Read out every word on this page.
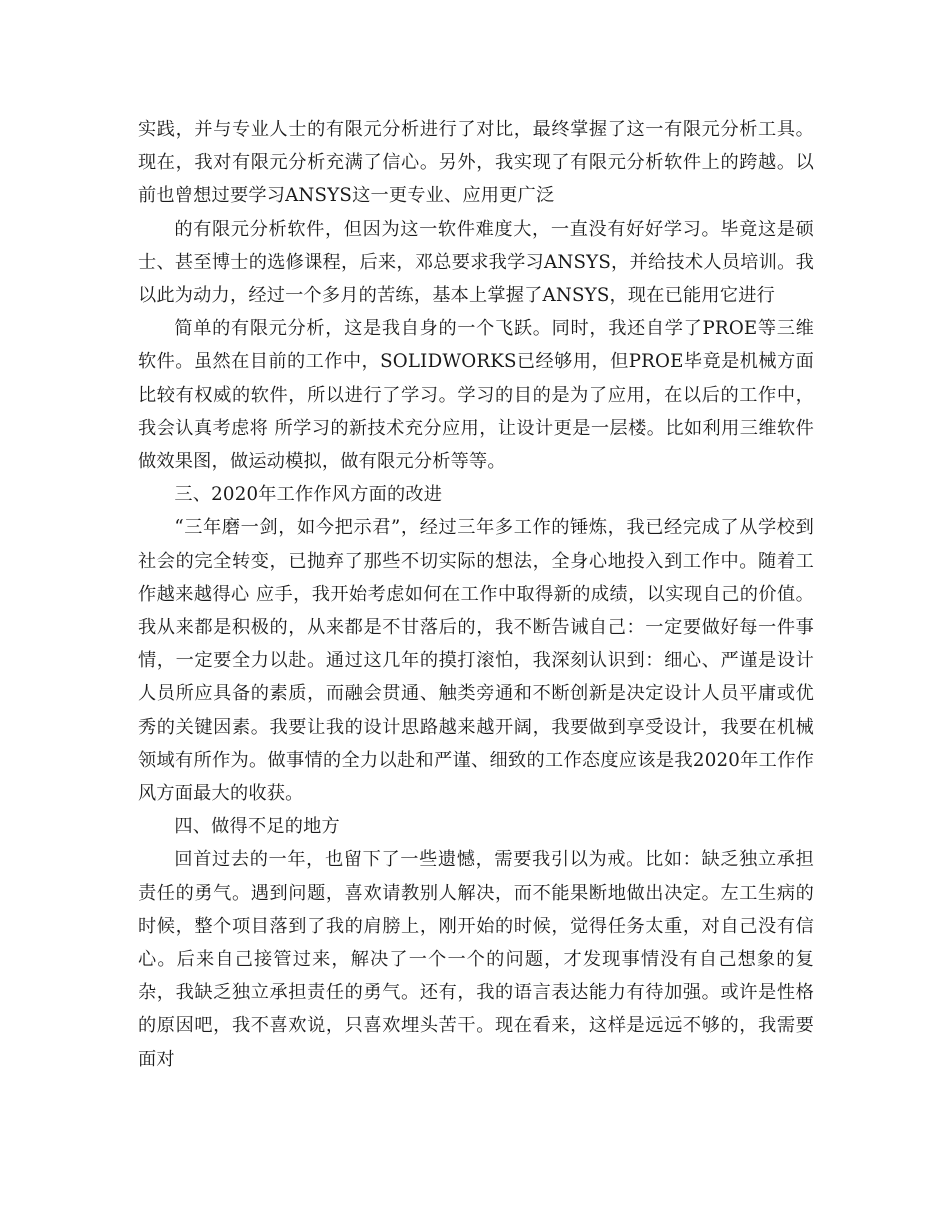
实践，并与专业人士的有限元分析进行了对比，最终掌握了这一有限元分析工具。现在，我对有限元分析充满了信心。另外，我实现了有限元分析软件上的跨越。以前也曾想过要学习ANSYS这一更专业、应用更广泛

的有限元分析软件，但因为这一软件难度大，一直没有好好学习。毕竟这是硕士、甚至博士的选修课程，后来，邓总要求我学习ANSYS，并给技术人员培训。我以此为动力，经过一个多月的苦练，基本上掌握了ANSYS，现在已能用它进行

简单的有限元分析，这是我自身的一个飞跃。同时，我还自学了PROE等三维软件。虽然在目前的工作中，SOLIDWORKS已经够用，但PROE毕竟是机械方面比较有权威的软件，所以进行了学习。学习的目的是为了应用，在以后的工作中，我会认真考虑将 所学习的新技术充分应用，让设计更是一层楼。比如利用三维软件做效果图，做运动模拟，做有限元分析等等。

三、2020年工作作风方面的改进

“三年磨一剑，如今把示君”，经过三年多工作的锤炼，我已经完成了从学校到社会的完全转变，已抛弃了那些不切实际的想法，全身心地投入到工作中。随着工作越来越得心 应手，我开始考虑如何在工作中取得新的成绩，以实现自己的价值。我从来都是积极的，从来都是不甘落后的，我不断告诫自己：一定要做好每一件事情，一定要全力以赴。通过这几年的摸打滚怕，我深刻认识到：细心、严谨是设计人员所应具备的素质，而融会贯通、触类旁通和不断创新是决定设计人员平庸或优秀的关键因素。我要让我的设计思路越来越开阔，我要做到享受设计，我要在机械领域有所作为。做事情的全力以赴和严谨、细致的工作态度应该是我2020年工作作风方面最大的收获。

四、做得不足的地方

回首过去的一年，也留下了一些遗憾，需要我引以为戒。比如：缺乏独立承担责任的勇气。遇到问题，喜欢请教别人解决，而不能果断地做出决定。左工生病的时候，整个项目落到了我的肩膀上，刚开始的时候，觉得任务太重，对自己没有信心。后来自己接管过来，解决了一个一个的问题，才发现事情没有自己想象的复杂，我缺乏独立承担责任的勇气。还有，我的语言表达能力有待加强。或许是性格的原因吧，我不喜欢说，只喜欢埋头苦干。现在看来，这样是远远不够的，我需要面对
